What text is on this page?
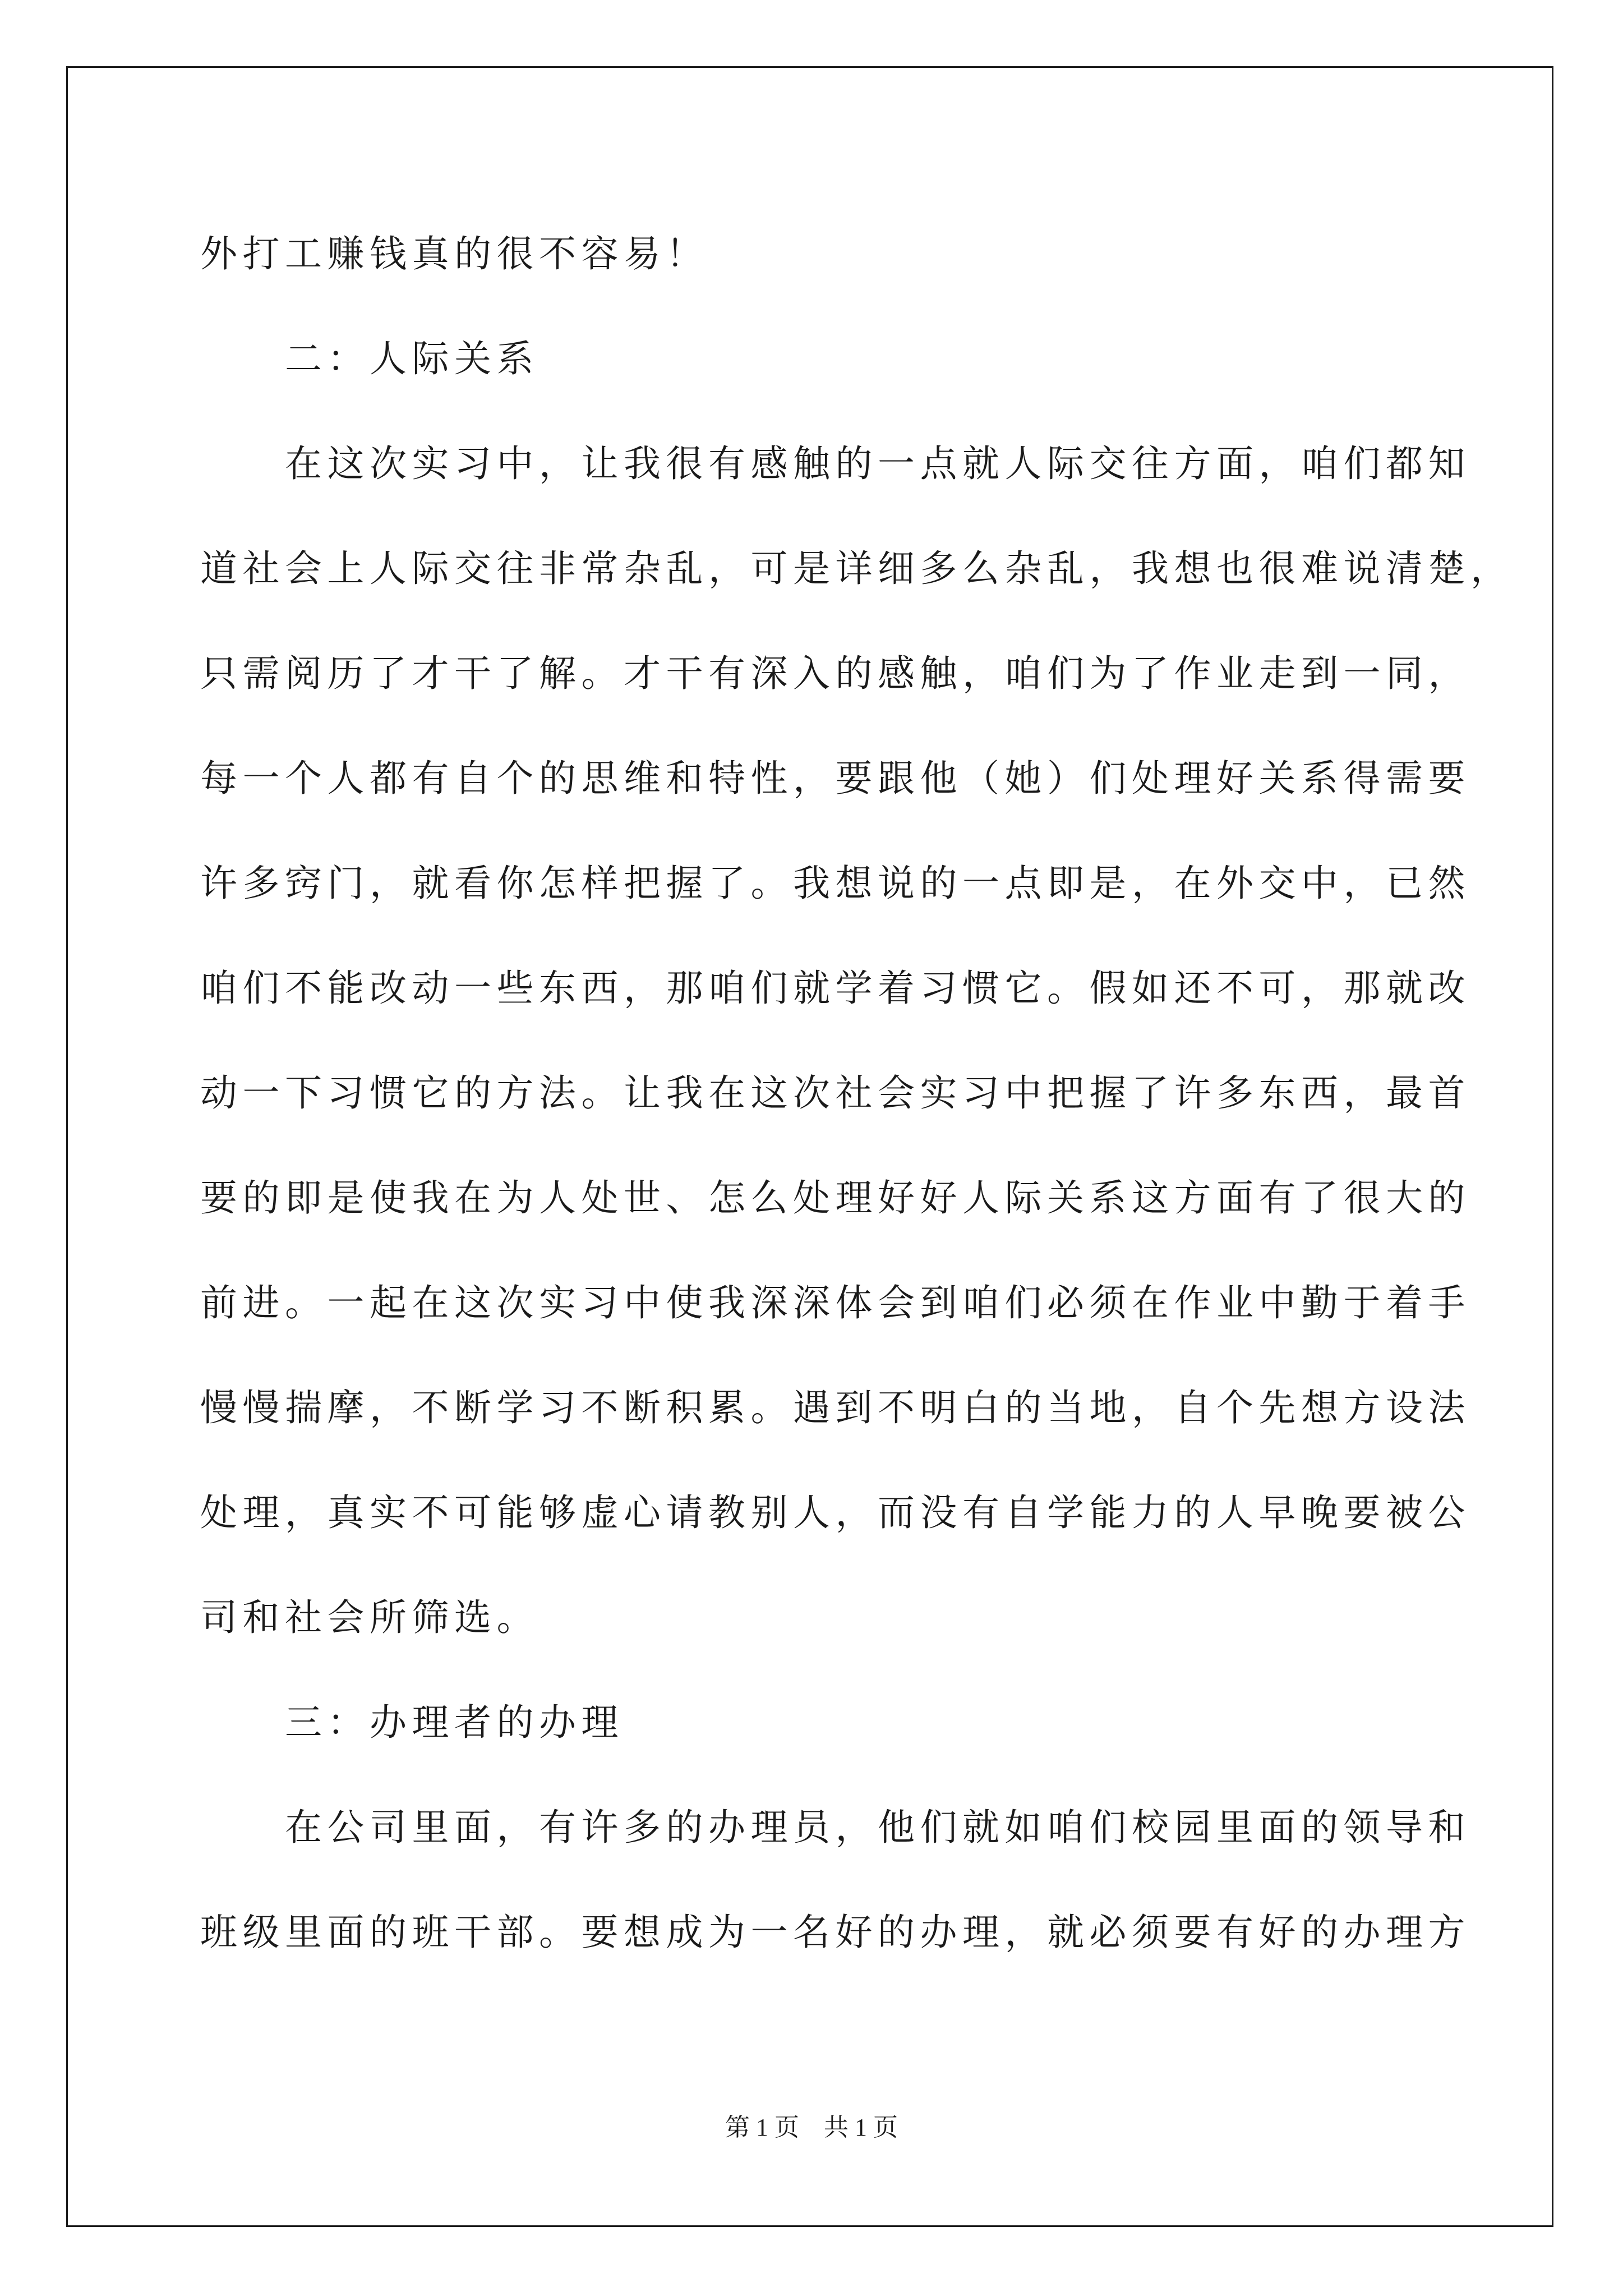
外打工赚钱真的很不容易！
　　二：人际关系
　　在这次实习中，让我很有感触的一点就人际交往方面，咱们都知
道社会上人际交往非常杂乱，可是详细多么杂乱，我想也很难说清楚，
只需阅历了才干了解。才干有深入的感触，咱们为了作业走到一同，
每一个人都有自个的思维和特性，要跟他（她）们处理好关系得需要
许多窍门，就看你怎样把握了。我想说的一点即是，在外交中，已然
咱们不能改动一些东西，那咱们就学着习惯它。假如还不可，那就改
动一下习惯它的方法。让我在这次社会实习中把握了许多东西，最首
要的即是使我在为人处世、怎么处理好好人际关系这方面有了很大的
前进。一起在这次实习中使我深深体会到咱们必须在作业中勤于着手
慢慢揣摩，不断学习不断积累。遇到不明白的当地，自个先想方设法
处理，真实不可能够虚心请教别人，而没有自学能力的人早晚要被公
司和社会所筛选。
　　三：办理者的办理
　　在公司里面，有许多的办理员，他们就如咱们校园里面的领导和
班级里面的班干部。要想成为一名好的办理，就必须要有好的办理方
第 1 页　共 1 页
